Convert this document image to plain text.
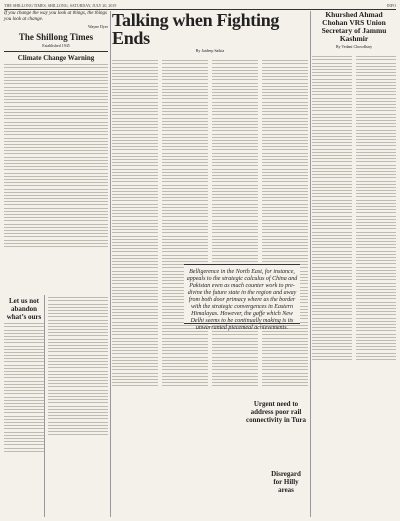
THE SHILLONG TIMES, SHILLONG, SATURDAY, JULY 20, 2019	INFO
If you change the way you look at things, the things you look at change.
Wayne Dyer
The Shillong Times
Established 1945
Climate Change Warning
Let us not abandon what’s ours
Talking when Fighting Ends
By Jaideep Saikia
Belligerence in the North East, for instance, appeals to the strategic calculus of China and Pakistan even as much counter work to pre-divine the future state in the region and away from both door primacy where as the border with the strategic convergences in Eastern Himalayas. However, the gaffe which New Delhi seems to be continually making is its unwarranted piecemeal achievements.
Urgent need to address poor rail connectivity in Tura
Disregard for Hilly areas
Khurshed Ahmad Chohan VRS Union Secretary of Jammu Kashmir
By Vedant Chowdhary
